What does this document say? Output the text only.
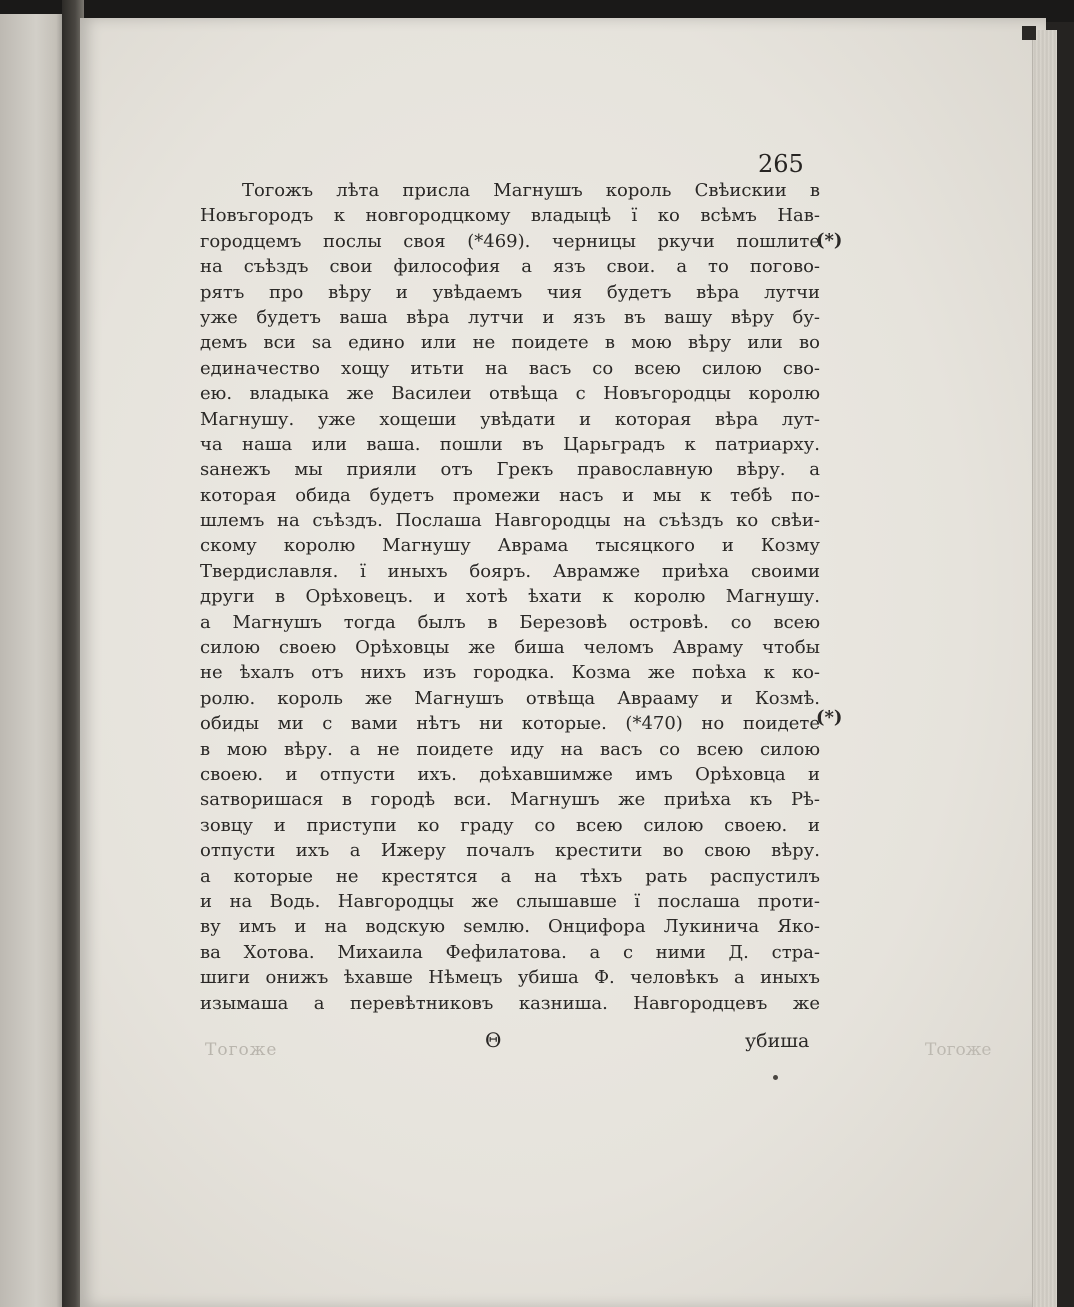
265
Тогожъ лѣта присла Магнушъ король Свѣискии в
Новъгородъ к новгородцкому владыцѣ ї ко всѣмъ Нав-
городцемъ послы своя (*469). черницы ркучи пошлите
на съѣздъ свои философия а язъ свои. а то погово-
рятъ про вѣру и увѣдаемъ чия будетъ вѣра лутчи
уже будетъ ваша вѣра лутчи и язъ въ вашу вѣру бу-
демъ вси ѕа едино или не поидете в мою вѣру или во
единачество хощу итьти на васъ со всею силою сво-
ею. владыка же Василеи отвѣща с Новъгородцы королю
Магнушу. уже хощеши увѣдати и которая вѣра лут-
ча наша или ваша. пошли въ Царьградъ к патриарху.
ѕанежъ мы прияли отъ Грекъ православную вѣру. а
которая обида будетъ промежи насъ и мы к тебѣ по-
шлемъ на съѣздъ. Послаша Навгородцы на съѣздъ ко свѣи-
скому королю Магнушу Аврама тысяцкого и Козму
Твердиславля. ї иныхъ бояръ. Аврамже приѣха своими
други в Орѣховецъ. и хотѣ ѣхати к королю Магнушу.
а Магнушъ тогда былъ в Березовѣ островѣ. со всею
силою своею Орѣховцы же биша челомъ Авраму чтобы
не ѣхалъ отъ нихъ изъ городка. Козма же поѣха к ко-
ролю. король же Магнушъ отвѣща Аврааму и Козмѣ.
обиды ми с вами нѣтъ ни которые. (*470) но поидете
в мою вѣру. а не поидете иду на васъ со всею силою
своею. и отпусти ихъ. доѣхавшимже имъ Орѣховца и
ѕатворишася в городѣ вси. Магнушъ же приѣха къ Рѣ-
зовцу и приступи ко граду со всею силою своею. и
отпусти ихъ а Ижеру почалъ крестити во свою вѣру.
а которые не крестятся а на тѣхъ рать распустилъ
и на Водь. Навгородцы же слышавше ї послаша проти-
ву имъ и на водскую ѕемлю. Онцифора Лукинича Яко-
ва Хотова. Михаила Фефилатова. а с ними Д. стра-
шиги онижъ ѣхавше Нѣмецъ убиша Ф. человѣкъ а иныхъ
изымаша а перевѣтниковъ казниша. Навгородцевъ же
(*)
(*)
Θ	убиша
Тогоже	Тогоже
